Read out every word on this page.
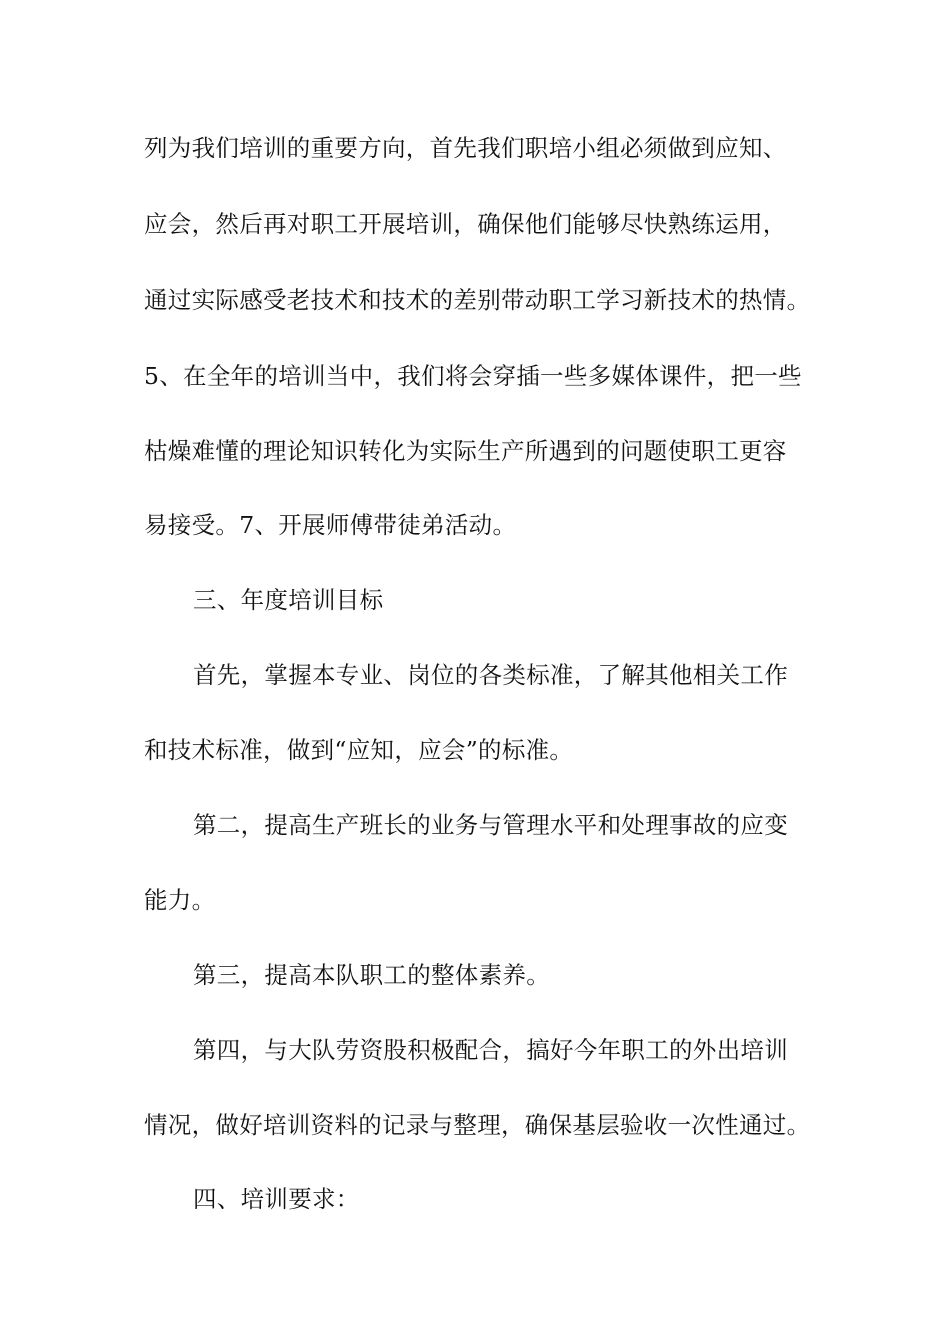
列为我们培训的重要方向，首先我们职培小组必须做到应知、
应会，然后再对职工开展培训，确保他们能够尽快熟练运用，
通过实际感受老技术和技术的差别带动职工学习新技术的热情。
5、在全年的培训当中，我们将会穿插一些多媒体课件，把一些
枯燥难懂的理论知识转化为实际生产所遇到的问题使职工更容
易接受。7、开展师傅带徒弟活动。
三、年度培训目标
首先，掌握本专业、岗位的各类标准，了解其他相关工作
和技术标准，做到“应知，应会”的标准。
第二，提高生产班长的业务与管理水平和处理事故的应变
能力。
第三，提高本队职工的整体素养。
第四，与大队劳资股积极配合，搞好今年职工的外出培训
情况，做好培训资料的记录与整理，确保基层验收一次性通过。
四、培训要求：
